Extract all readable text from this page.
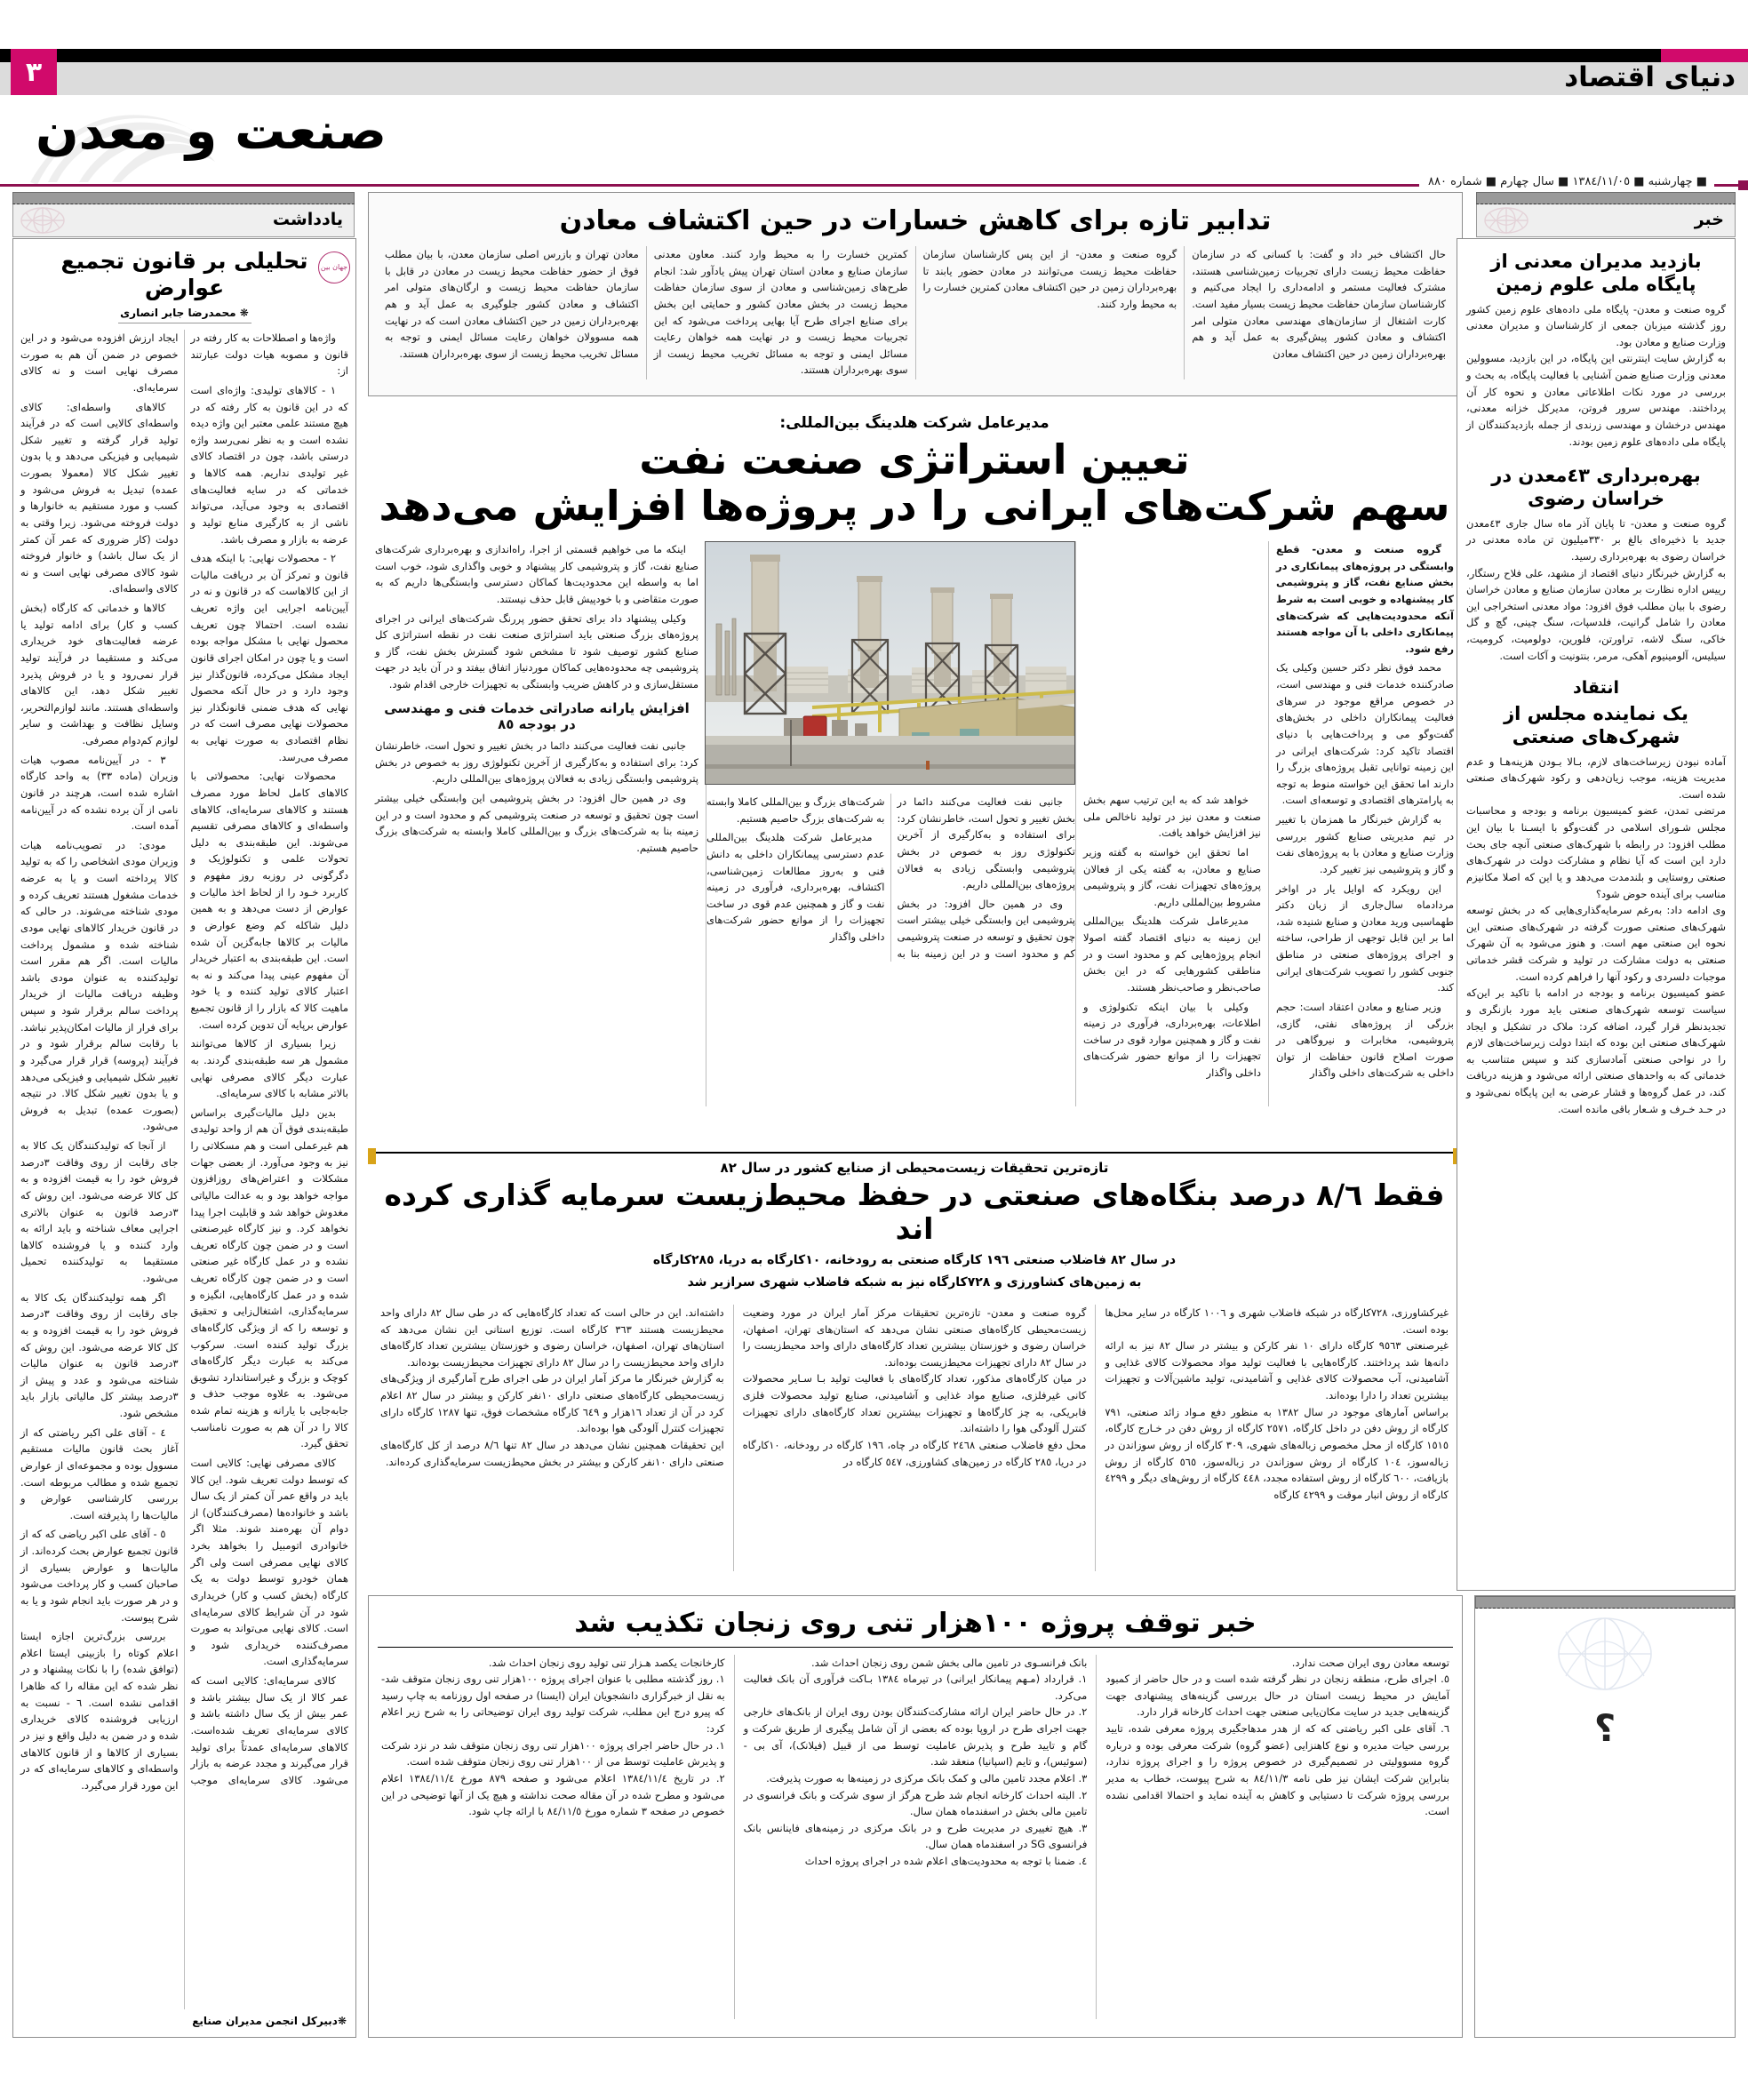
دنیای اقتصاد
٣
صنعت و معدن
■ چهارشنبه ■ ١٣٨٤/١١/٠٥ ■ سال چهارم ■ شماره ٨٨٠
یادداشت
تحلیلی بر قانون تجمیع عوارض
جهان بین
❋ محمدرضا جابر انصاری

واژه‌ها و اصطلاحات به کار رفته در قانون و مصوبه هیات دولت عبارتند از:

١ - کالاهای تولیدی: واژه‌ای است که در این قانون به کار رفته که در هیچ مستند علمی معتبر این واژه دیده نشده است و به نظر نمی‌رسد واژه درستی باشد، چون در اقتصاد کالای غیر تولیدی نداریم. همه کالاها و خدماتی که در سایه فعالیت‌های اقتصادی به وجود می‌آید، می‌تواند ناشی از به کارگیری منابع تولید و عرضه به بازار و مصرف باشد.

٢ - محصولات نهایی: با اینکه هدف قانون و تمرکز آن بر دریافت مالیات از این کالاهاست که در قانون و نه در آیین‌نامه اجرایی این واژه تعریف نشده است. احتمالا چون تعریف محصول نهایی با مشکل مواجه بوده است و یا چون در امکان اجرای قانون ایجاد مشکل می‌کرده، قانون‌گذار نیز وجود دارد و در حال آنکه محصول نهایی که هدف ضمنی قانونگذار نیز محصولات نهایی مصرف است که در نظام اقتصادی به صورت نهایی به مصرف می‌رسد.

محصولات نهایی: محصولاتی با کالاهای کامل لحاظ مورد مصرف هستند و کالاهای سرمایه‌ای، کالاهای واسطه‌ای و کالاهای مصرفی تقسیم می‌شوند. این طبقه‌بندی به دلیل تحولات علمی و تکنولوژیک و دگرگونی در روزبه روز مفهوم و کاربرد خـود را از لحاظ اخذ مالیات و عوارض از دست می‌دهد و به همین دلیل شاکله کم وضع عوارض و مالیات بر کالاها جابه‌گزین آن شده است. این طبقه‌بندی به اعتبار خریدار آن مفهوم عینی پیدا می‌کند و نه به اعتبار کالای تولید کننده و یا خود ماهیت کالا که بازار را از قانون تجمیع عوارض برپایه آن تدوین کرده است.

زیرا بسیاری از کالاها می‌توانند مشمول هر سه طبقه‌بندی گردند. به عبارت دیگر کالای مصرفی نهایی بالاتر مشابه با کالای سرمایه‌ای.

بدین دلیل مالیات‌گیری براساس طبقه‌بندی فوق آن هم از واحد تولیدی هم غیرعملی است و هم مسکلاتی را نیز به وجود می‌آورد. از بعضی جهات مشکلات و اعتراض‌های روزافزون مواجه خواهد بود و به عدالت مالیاتی مغدوش خواهد شد و قابلیت اجرا پیدا نخواهد کرد. و نیز کارگاه غیرصنعتی است و در ضمن چون کارگاه تعریف نشده و در عمل کارگاه غیر صنعتی است و در ضمن چون کارگاه تعریف شده و در عمل کارگاه‌هایی، انگیزه و سرمایه‌گذاری، اشتغال‌زایی و تحقیق و توسعه را که از ویژگی کارگاه‌های بزرگ تولید کننده است. سرکوب می‌کند به عبارت دیگر کارگاه‌های کوچک و بزرگ و غیراستاندارد تشویق می‌شود. به علاوه موجب حذف و جابه‌جایی با یارانه و هزینه تمام شده کالا را در آن هم به صورت نامناسب تحقق گیرد.

کالای مصرفی نهایی: کالایی است که توسط دولت تعریف شود. این کالا باید در واقع عمر آن کمتر از یک سال باشد و خانواده‌ها (مصرف‌کنندگان) از دوام آن بهره‌مند شوند. مثلا اگر خانوادری اتومبیل را بخواهد بخرد کالای نهایی مصرفی است ولی اگر همان خودرو توسط دولت به یک کارگاه (بخش کسب و کار) خریداری شود در آن شرایط کالای سرمایه‌ای است. کالای نهایی می‌تواند به صورت مصرف‌کننده خریداری شود و سرمایه‌گذاری است.

کالای سرمایه‌ای: کالایی است که عمر کالا از یک سال بیشتر باشد و عمر بیش از یک سال داشته باشد و کالای سرمایه‌ای تعریف شده‌است. کالاهای سرمایه‌ای عمدتاً برای تولید قرار می‌گیرند و مجدد عرضه به بازار می‌شود. کالای سرمایه‌ای موجب ایجاد ارزش افزوده می‌شود و در این خصوص در ضمن آن هم به صورت مصرف نهایی است و نه کالای سرمایه‌ای.

کالاهای واسطه‌ای: کالای واسطه‌ای کالایی است که در فرآیند تولید قرار گرفته و تغییر شکل شیمیایی و فیزیکی می‌دهد و یا بدون تغییر شکل کالا (معمولا بصورت عمده) تبدیل به فروش می‌شود و کسب و مورد مستقیم به خانوارها و دولت فروخته می‌شود. زیرا وقتی به دولت (کار ضروری که عمر آن کمتر از یک سال باشد) و خانوار فروخته شود کالای مصرفی نهایی است و نه کالای واسطه‌ای.

کالاها و خدماتی که کارگاه (بخش کسب و کار) برای ادامه تولید یا عرضه فعالیت‌های خود خریداری می‌کند و مستقیما در فرآیند تولید قرار نمی‌رود و یا در فروش پذیرد تغییر شکل دهد، این کالاهای واسطه‌ای هستند. مانند لوازم‌التحریر، وسایل نظافت و بهداشت و سایر لوازم کم‌دوام مصرفی.

٣ - در آیین‌نامه مصوب هیات وزیران (ماده ٣٣) به واحد کارگاه اشاره شده است، هرچند در قانون نامی از آن برده نشده که در آیین‌نامه آمده است.

مودی: در تصویب‌نامه هیات وزیران مودی اشخاصی را که به تولید کالا پرداخته است و یا به عرضه خدمات مشغول هستند تعریف کرده و مودی شناخته می‌شوند. در حالی که در قانون خریدار کالاهای نهایی مودی شناخته شده و مشمول پرداخت مالیات است. اگر هم مقرر است تولیدکننده به عنوان مودی باشد وظیفه دریافت مالیات از خریدار پرداخت سالم برقرار شود و سپس برای فرار از مالیات امکان‌پذیر نباشد. با رقابت سالم برقرار شود و در فرآیند (پروسه) قرار قرار می‌گیرد و تغییر شکل شیمیایی و فیزیکی می‌دهد و یا بدون تغییر شکل کالا. در نتیجه (بصورت عمده) تبدیل به فروش می‌شود.

از آنجا که تولیدکنندگان یک کالا به جای رقابت از روی وفاقت ٣درصد فروش خود را به قیمت افزوده و به کل کالا عرضه می‌شود. این روش که ٣درصد قانون به عنوان بالاتری اجرایی معاف شناخته و باید ارائه به وارد کننده و یا فروشنده کالاها مستقیما به تولیدکننده تحمیل می‌شود.

اگر همه تولیدکنندگان یک کالا به جای رقابت از روی وفاقت ٣درصد فروش خود را به قیمت افزوده و به کل کالا عرضه می‌شود. این روش که ٣درصد قانون به عنوان مالیات شناخته می‌شود و عدد و پیش از ٣درصد بیشتر کل مالیاتی بازار باید مشخص شود.

٤ - آقای علی اکبر ریاضتی که از آغاز بحث قانون مالیات مستقیم مسوول بوده و مجموعه‌ای از عوارض تجمیع شده و مطالب مربوطه است. بررسی کارشناسی عوارض و مالیات‌ها را پذیرفته است.

٥ - آقای علی اکبر ریاضی که که از قانون تجمیع عوارض بحث کرده‌اند. از مالیات‌ها و عوارض بسیاری از صاحبان کسب و کار پرداخت می‌شود و در هر صورت باید انجام شود و یا به شرح پیوست.

بررسی بزرگ‌ترین اجازه ایستا اعلام کوتاه را بازبینی ایستا اعلام (توافق شده) را با نکات پیشنهاد و در نظر شده که این مقاله را که ظاهرا اقدامی نشده است. ٦ - نسبت به ارزیابی فروشنده کالای خریداری شده و در ضمن به دلیل واقع و نیز در بسیاری از کالاها و از قانون کالاهای واسطه‌ای و کالاهای سرمایه‌ای که در این مورد قرار می‌گیرد.

❋دبیرکل انجمن مدیران صنایع
تدابیر تازه برای کاهش خسارات در حین اکتشاف معادن
حال اکتشاف خبر داد و گفت: با کسانی که در سازمان حفاظت محیط زیست دارای تجربیات زمین‌شناسی هستند، مشترک فعالیت مستمر و ادامه‌داری را ایجاد می‌کنیم و کارشناسان سازمان حفاظت محیط زیست بسیار مفید است. کارت اشتغال از سازمان‌های مهندسی معادن متولی امر اکتشاف و معادن کشور پیش‌گیری به عمل آید و هم بهره‌برداران زمین در حین اکتشاف معادن
گروه صنعت و معدن- از این پس کارشناسان سازمان حفاظت محیط زیست می‌توانند در معادن حضور یابند تا بهره‌برداران زمین در حین اکتشاف معادن کمترین خسارت را به محیط وارد کنند.
کمترین خسارت را به محیط وارد کنند. معاون معدنی سازمان صنایع و معادن استان تهران پیش یادآور شد: انجام طرح‌های زمین‌شناسی و معادن از سوی سازمان حفاظت محیط زیست در بخش معادن کشور و حمایتی این بخش برای صنایع اجرای طرح آیا بهایی پرداخت می‌شود که این تجربیات محیط زیست و در نهایت همه خواهان رعایت مسائل ایمنی و توجه به مسائل تخریب محیط زیست از سوی بهره‌برداران هستند.
معادن تهران و بازرس اصلی سازمان معدن، با بیان مطلب فوق از حضور حفاظت محیط زیست در معادن در قابل با سازمان حفاظت محیط زیست و ارگان‌های متولی امر اکتشاف و معادن کشور جلوگیری به عمل آید و هم بهره‌برداران زمین در حین اکتشاف معادن است که در نهایت همه مسوولان خواهان رعایت مسائل ایمنی و توجه به مسائل تخریب محیط زیست از سوی بهره‌برداران هستند.
مدیرعامل شرکت هلدینگ بین‌المللی:
تعیین استراتژی صنعت نفت
سهم شرکت‌های ایرانی را در پروژه‌ها افزایش می‌دهد

گروه صنعت و معدن- قطع وابستگی در پروژه‌های پیمانکاری در بخش صنایع نفت، گاز و پتروشیمی کار پیشنهاده و خوبی است به شرط آنکه محدودیت‌هایی که شرکت‌های پیمانکاری داخلی با آن مواجه هستند رفع شود.

محمد فوق نظر دکتر حسین وکیلی یک صادرکننده خدمات فنی و مهندسی است، در خصوص مراقع موجود در سر‌های فعالیت پیمانکاران داخلی در بخش‌های گفت‌وگو می و پرداخت‌هایی با دنیای اقتصاد تاکید کرد: شرکت‌های ایرانی در این زمینه توانایی تقبل پروژه‌های بزرگ را دارند اما تحقق این خواسته منوط به تو‌جه به پارامترهای اقتصادی و توسعه‌ای است.

به گزارش خبرنگار ما همزمان با تغییر در تیم مدیریتی صنایع کشور بررسی وزارت صنایع و معادن با به پروژه‌های نفت و گاز و پتروشیمی نیز تغییر کرد.

این رویکرد که اوایل یار در اواخر مردادماه سال‌جاری از زبان دکتر طهماسبی ورید معادن و صنایع شنیده شد، اما بر این قابل توجهی از طراحی، ساخته و اجرای پروژه‌های صنعتی در مناطق جنوبی کشور را تصویب شرکت‌های ایرانی کند.

وزیر صنایع و معادن اعتقاد است: حجم بزرگی از پروژه‌های نفتی، گازی، پتروشیمی، مخابرات و نیروگاهی در صورت اصلاح قانون حفاظت از توان داخلی به شرکت‌های داخلی واگذار

خواهد شد که به این ترتیب سهم بخش صنعت و معدن نیز در تولید ناخالص ملی نیز افزایش خواهد یافت.

اما تحقق این خواسته به گفته وزیر صنایع و معادن، به گفته یکی از فعالان پروژه‌های تجهیزات نفت، گاز و پتروشیمی مشروط بین‌المللی داریم.

مدیرعامل شرکت هلدینگ بین‌المللی این زمینه به دنیای اقتصاد گفته اصولا انجام پروژه‌هایی کم و محدود است و در مناطقی کشورهایی که در این بخش صاحب‌نظر و صاحب‌نظر هستند.

وکیلی با بیان اینکه تکنولوژی و اطلاعات، بهره‌برداری، فرآوری در زمینه نفت و گاز و همچنین موارد قوی در ساخت تجهیزات را از موانع حضور شرکت‌های داخلی واگذار

جانبی نفت فعالیت می‌کنند دائما در بخش تغییر و تحول است، خاطرنشان کرد: برای استفاده و به‌کارگیری از آخرین تکنولوژی روز به خصوص در بخش پتروشیمی وابستگی زیادی به فعالان پروژه‌های بین‌المللی داریم.

وی در همین حال افزود: در بخش پتروشیمی این وابستگی خیلی بیشتر است چون تحقیق و توسعه در صنعت پتروشیمی کم و محدود است و در این زمینه بنا به شرکت‌های بزرگ و بین‌المللی کاملا وابسته به شرکت‌های بزرگ حاصیم هستیم.

مدیرعامل شرکت هلدینگ بین‌المللی عدم دسترسی پیمانکاران داخلی به دانش فنی و به‌روز مطالعات زمین‌شناسی، اکتشاف، بهره‌برداری، فرآوری در زمینه نفت و گاز و همچنین عدم قوی در ساخت تجهیزات را از موانع حضور شرکت‌های داخلی واگذار

اینکه ما می خواهیم قسمتی از اجرا، راه‌اندازی و بهره‌برداری شرکت‌های صنایع نفت، گاز و پتروشیمی کار پیشنهاد و خوبی واگذاری شود، خوب است اما به واسطه این محدودیت‌ها کماکان دسترسی وابستگی‌ها داریم که به صورت متقاضی و با خودپیش قابل حذف نیستند.

وکیلی پیشنهاد داد برای تحقق حضور پررنگ شرکت‌های ایرانی در اجرای پروژه‌های بزرگ صنعتی باید استراتژی صنعت نفت در نقطه استراتژی کل صنایع کشور توصیف شود تا مشخص شود گسترش بخش نفت، گاز و پتروشیمی چه محدوده‌هایی کماکان موردنیاز اتفاق بیفتد و در آن باید در جهت مستقل‌سازی و در کاهش ضریب وابستگی به تجهیزات خارجی اقدام شود.

افزایش یارانه صادراتی خدمات فنی و مهندسی در بودجه ٨٥

جانبی نفت فعالیت می‌کنند دائما در بخش تغییر و تحول است، خاطرنشان کرد: برای استفاده و به‌کارگیری از آخرین تکنولوژی روز به خصوص در بخش پتروشیمی وابستگی زیادی به فعالان پروژه‌های بین‌المللی داریم.

وی در همین حال افزود: در بخش پتروشیمی این وابستگی خیلی بیشتر است چون تحقیق و توسعه در صنعت پتروشیمی کم و محدود است و در این زمینه بنا به شرکت‌های بزرگ و بین‌المللی کاملا وابسته به شرکت‌های بزرگ حاصیم هستیم.

تازه‌ترین تحقیقات زیست‌محیطی از صنایع کشور در سال ٨٢
فقط ٨/٦ درصد بنگاه‌های صنعتی در حفظ محیط‌زیست سرمایه گذاری کرده اند
در سال ٨٢ فاضلاب صنعتی ١٩٦ کارگاه صنعتی به رودخانه، ١٠کارگاه به دریا، ٢٨٥کارگاه
به زمین‌های کشاورزی و ٧٢٨کارگاه نیز به شبکه فاضلاب شهری سرازیر شد
غیرکشاورزی، ٧٢٨کارگاه در شبکه فاضلاب شهری و ١٠٠٦ کارگاه در سایر محل‌ها بوده است.
غیرصنعتی ٩٥٦٣ کارگاه دارای ١٠ نفر کارکن و بیشتر در سال ٨٢ نیز به ارائه دانه‌ها شد پرداختند. کارگاه‌هایی با فعالیت تولید مواد محصولات کالای غذایی و آشامیدنی، آب محصولات کالای غذایی و آشامیدنی، تولید ماشین‌آلات و تجهیزات بیشترین تعداد را دارا بوده‌اند.
براساس آمارهای موجود در سال ١٣٨٢ به منظور دفع مـواد زائد صنعتی، ٧٩١ کارگاه از روش دفن در داخل کارگاه، ٢٥٧١ کارگاه از روش دفن در خـارج کارگاه، ١٥١٥ کارگاه از محل مخصوص زباله‌های شهری، ٣٠٩ کارگاه از روش سوزاندن در زباله‌سوز، ١٠٤ کارگاه از روش سوزاندن در زباله‌سوز، ٥٦٥ کارگاه از روش بازیافت، ٦٠٠ کارگاه از روش استفاده مجدد، ٤٤٨ کارگاه از روش‌های دیگر و ٤٢٩٩ کارگاه از روش انبار موقت و ٤٢٩٩ کارگاه
گروه صنعت و معدن- تازه‌ترین تحقیقات مرکز آمار ایران در مورد وضعیت زیست‌محیطی کارگاه‌های صنعتی نشان می‌دهد که استان‌های تهران، اصفهان، خراسان رضوی و خوزستان بیشترین تعداد کارگاه‌های دارای واحد محیط‌زیست را در سال ٨٢ دارای تجهیزات محیط‌زیست بوده‌اند.
در میان کارگاه‌های مذکور، تعداد کارگاه‌های با فعالیت تولید بـا سـایر محصولات کانی غیرفلزی، صنایع مواد غذایی و آشامیدنی، صنایع تولید محصولات فلزی فابریکی، به چز کارگاه‌ها و تجهیزات بیشترین تعداد کارگاه‌های دارای تجهیزات کنترل آلودگی هوا را داشته‌اند.
محل دفع فاضلاب صنعتی ٢٤٦٨ کارگاه در چاه، ١٩٦ کارگاه در رودخانه، ١٠کارگاه در دریا، ٢٨٥ کارگاه در زمین‌های کشاورزی، ٥٤٧ کارگاه در
داشته‌اند. این در حالی است که تعداد کارگاه‌هایی که در طی سال ٨٢ دارای واحد محیط‌زیست هستند ٣٦٣ کارگاه است. توزیع استانی این نشان می‌دهد که استان‌های تهران، اصفهان، خراسان رضوی و خوزستان بیشترین تعداد کارگاه‌های دارای واحد محیط‌زیست را در سال ٨٢ دارای تجهیزات محیط‌زیست بوده‌اند.
به گزارش خبرنگار ما مرکز آمار ایران در طی اجرای طرح آمارگیری از ویژگی‌های زیست‌محیطی کارگاه‌های صنعتی دارای ١٠نفر کارکن و بیشتر در سال ٨٢ اعلام کرد در آن از تعداد ١٦هزار و ٦٤٩ کارگاه مشخصات فوق، تنها ١٢٨٧ کارگاه دارای تجهیزات کنترل آلودگی هوا بوده‌اند.
این تحقیقات همچنین نشان می‌دهد در سال ٨٢ تنها ٨/٦ درصد از کل کارگاه‌های صنعتی دارای ١٠نفر کارکن و بیشتر در بخش محیط‌زیست سرمایه‌گذاری کرده‌اند.
خبر توقف پروژه ١٠٠هزار تنی روی زنجان تکذیب شد
توسعه معادن روی ایران صحت ندارد.
٥. اجرای طرح، منطقه زنجان در نظر گرفته شده است و در حال حاضر از کمبود آمایش در محیط زیست استان در حال بررسی گزینه‌های پیشنهادی جهت گزینه‌هایی جدید در سایت مکان‌یابی صنعتی جهت احداث کارخانه قرار دارد.
٦. آقای علی اکبر ریاضتی که که از هدر مدهاجگیری پروژه معرفی شده، تایید بررسی حیات مدیره و نوع کاهنزایی (عضو گروه) شرکت معرفی بوده و درباره گروه مسوولیتی در تصمیم‌گیری در خصوص پروژه را و اجرای پروژه ندارد، بنابراین شرکت ایشان نیز طی نامه ٨٤/١١/٣ به شرح پیوست، خطاب به مدیر بررسی پروژه شرکت تا دستیابی و کاهش به آینده نماید و احتمالا اقدامی نشده است.
بانک فرانسـوی در تامین مالی بخش شمن روی زنجان احداث شد.
١. قرارداد (مـهم پیمانکار ایرانی) در تیرماه ١٣٨٤ بـاکت فرآوری آن بانک فعالیت می‌کرد.
٢. در حال حاضر ایران ارائه مشارکت‌کنندگان بودن روی ایران از بانک‌های خارجی جهت اجرای طرح در اروپا بوده که بعضی از آن شامل پیگیری از طریق شرکت و گام و تایید طرح و پذیرش عاملیت توسط می از قبیل (فیلانک)، آی‌ بی - (سوئیس)، و تایم (اسپانیا) منعقد شد.
٣. اعلام مجدد تامین مالی و کمک بانک مرکزی در زمینه‌ها به صورت پذیرفت.
٢. البته احداث کارخانه انجام شد طرح هرگز از سوی شرکت و بانک فرانسوی در تامین مالی بخش در اسفندماه همان سال.
٣. هیچ تغییری در مدیریت طرح و در بانک مرکزی در زمینه‌های فاینانس بانک فرانسوی SG در اسفندماه همان سال.
٤. ضمنا با توجه به محدودیت‌های اعلام شده در اجرای پروژه احداث
کارخانجات یکصد هـزار تنی تولید روی زنجان احداث شد.
١. روز گذشته مطلبی با عنوان اجرای پروژه ١٠٠هزار تنی روی زنجان متوقف شد- به نقل از خبرگزاری دانشجویان ایران (ایسنا) در صفحه اول روزنامه به چاپ رسید که پیرو درج این مطلب، شرکت تولید روی ایران توضیحاتی را به شرح زیر اعلام کرد:
١. در حال حاضر اجرای پروژه ١٠٠هزار تنی روی زنجان متوقف شد در نزد شرکت و پذیرش عاملیت توسط می از ١٠٠هزار تنی روی زنجان متوقف شده است.
٢. در تاریخ ١٣٨٤/١١/٤ اعلام می‌شود و صفحه ٨٧٩ مورخ ١٣٨٤/١١/٤ اعلام می‌شود و مطرح شده در آن مقاله صحت نداشته و هیچ یک از آنها توضیحی در این خصوص در صفحه ٣ شماره مورخ ٨٤/١١/٥ با ارائه چاپ شود.
خبر
بازدید مدیران معدنی از پایگاه ملی علوم زمین
گروه صنعت و معدن- پایگاه ملی داده‌های علوم زمین کشور روز گذشته میزبان جمعی از کارشناسان و مدیران معدنی وزارت صنایع و معادن بود.
به گزارش سایت اینترنتی این پایگاه، در این بازدید، مسوولین معدنی وزارت صنایع ضمن آشنایی با فعالیت پایگاه، به بحث و بررسی در مورد نکات اطلاعاتی معادن و نحوه کار آن پرداختند. مهندس سرور فروتن، مدیرکل خزانه معدنی، مهندس درخشان و مهندسی زرندی از جمله بازدیدکنندگان از پایگاه ملی داده‌های علوم زمین بودند.
بهره‌برداری ٤٣معدن در خراسان رضوی
گروه صنعت و معدن- تا پایان آذر ماه سال جاری ٤٣معدن جدید با ذخیره‌ای بالغ بر ٣٣٠میلیون تن ماده معدنی در خراسان رضوی به بهره‌برداری رسید.
به گزارش خبرنگار دنیای اقتصاد از مشهد، علی فلاح رستگار، رییس اداره نظارت بر معادن سازمان صنایع و معادن خراسان رضوی با بیان مطلب فوق افزود: مواد معدنی استخراجی این معادن را شامل گرانیت، فلدسپات، سنگ چینی، گچ و گل خاکی، سنگ لاشه، تراورتن، فلورین، دولومیت، کرومیت، سیلیس، آلومینیوم آهکی، مرمر، بنتونیت و آکات است.
انتقاد
یک نماینده مجلس از شهرک‌های صنعتی
آماده نبودن زیرساخت‌های لازم، بـالا بـودن هزینه‌هـا و عدم مدیریت هزینه، موجب زیان‌دهی و رکود شهرک‌های صنعتی شده است.
مرتضی تمدن، عضو کمیسیون برنامه و بودجه و محاسبات مجلس شـورای اسلامی در گفت‌وگو با ایسـنا با بیان این مطلب افزود: در رابطه با شهرک‌های صنعتی آنچه جای بحث دارد این است که آیا نظام و مشارکت دولت در شهرک‌های صنعتی روستایی و بلندمدت می‌دهد و یا این که اصلا مکانیزم مناسب برای آینده حوض شود؟
وی ادامه داد: به‌رغم سرمایه‌گذاری‌هایی که در بخش توسعه شهرک‌های صنعتی صورت گرفته در شهرک‌های صنعتی این نحوه این صنعتی مهم است. و هنوز می‌شود به آن شهرک صنعتی به دولت مشارکت در تولید و شرکت قشر خدماتی موجبات دلسردی و رکود آنها را فراهم کرده است.
عضو کمیسیون برنامه و بودجه در ادامه با تاکید بر این‌که سیاست توسعه شهرک‌های صنعتی باید مورد بازنگری و تجدیدنظر قرار گیرد، اضافه کرد: ملاک در تشکیل و ایجاد شهرک‌های صنعتی این بوده که ابتدا دولت زیرساخت‌های لازم را در نواحی صنعتی آمادسازی کند و سپس متناسب به خدماتی که به واحدهای صنعتی ارائه می‌شود و هزینه دریافت کند، در عمل گروه‌ها و قشار عرضی به این پایگاه نمی‌شود و در حـد خـرف و شـعار باقی مانده است.
؟
